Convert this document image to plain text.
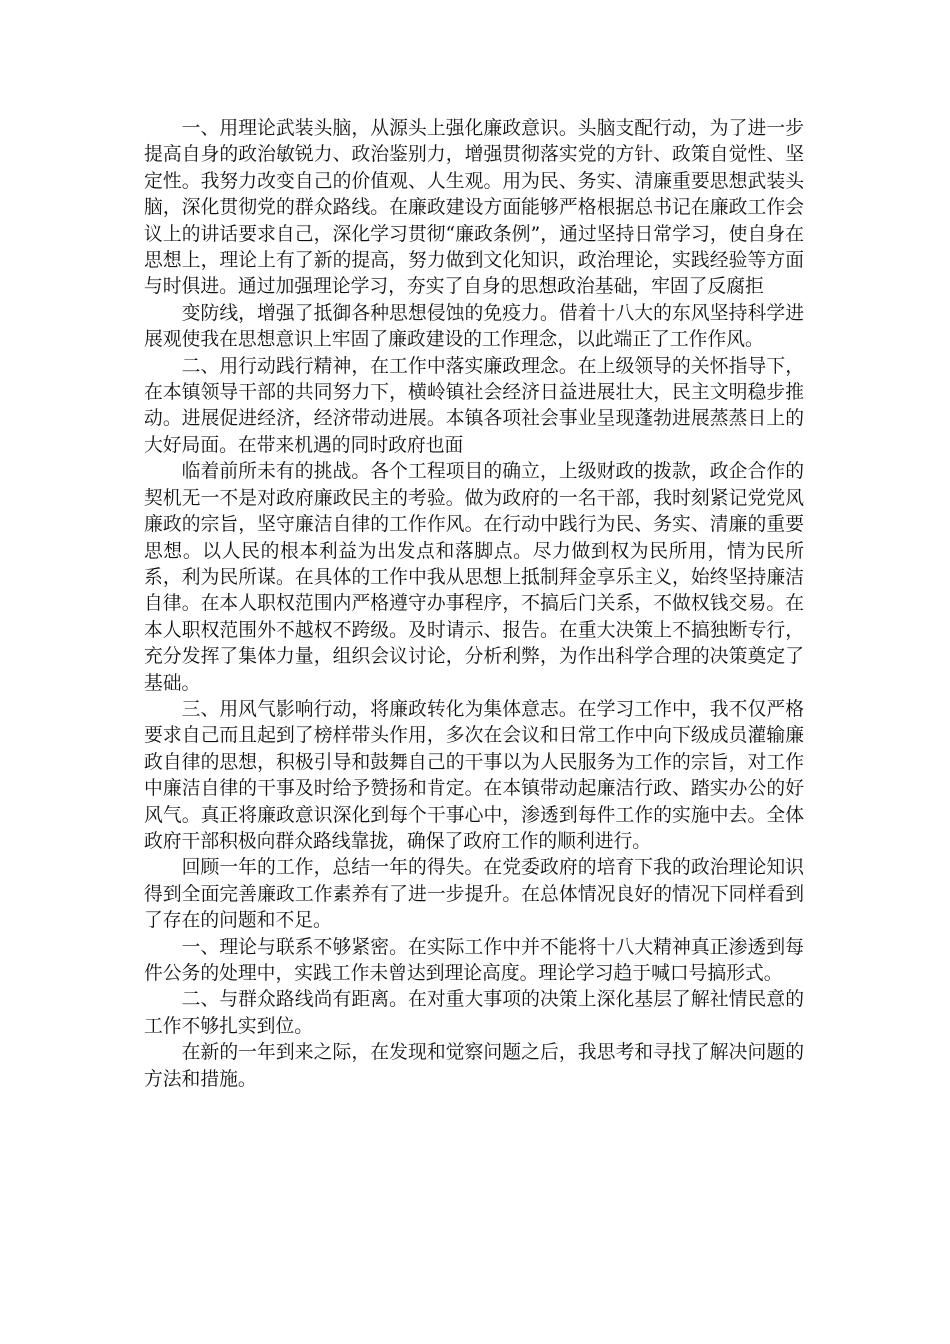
一、用理论武装头脑，从源头上强化廉政意识。头脑支配行动，为了进一步提高自身的政治敏锐力、政治鉴别力，增强贯彻落实党的方针、政策自觉性、坚定性。我努力改变自己的价值观、人生观。用为民、务实、清廉重要思想武装头脑，深化贯彻党的群众路线。在廉政建设方面能够严格根据总书记在廉政工作会议上的讲话要求自己，深化学习贯彻“廉政条例”，通过坚持日常学习，使自身在思想上，理论上有了新的提高，努力做到文化知识，政治理论，实践经验等方面与时俱进。通过加强理论学习，夯实了自身的思想政治基础，牢固了反腐拒

变防线，增强了抵御各种思想侵蚀的免疫力。借着十八大的东风坚持科学进展观使我在思想意识上牢固了廉政建设的工作理念，以此端正了工作作风。

二、用行动践行精神，在工作中落实廉政理念。在上级领导的关怀指导下，在本镇领导干部的共同努力下，横岭镇社会经济日益进展壮大，民主文明稳步推动。进展促进经济，经济带动进展。本镇各项社会事业呈现蓬勃进展蒸蒸日上的大好局面。在带来机遇的同时政府也面

临着前所未有的挑战。各个工程项目的确立，上级财政的拨款，政企合作的契机无一不是对政府廉政民主的考验。做为政府的一名干部，我时刻紧记党党风廉政的宗旨，坚守廉洁自律的工作作风。在行动中践行为民、务实、清廉的重要思想。以人民的根本利益为出发点和落脚点。尽力做到权为民所用，情为民所系，利为民所谋。在具体的工作中我从思想上抵制拜金享乐主义，始终坚持廉洁自律。在本人职权范围内严格遵守办事程序，不搞后门关系，不做权钱交易。在本人职权范围外不越权不跨级。及时请示、报告。在重大决策上不搞独断专行，充分发挥了集体力量，组织会议讨论，分析利弊，为作出科学合理的决策奠定了基础。

三、用风气影响行动，将廉政转化为集体意志。在学习工作中，我不仅严格要求自己而且起到了榜样带头作用，多次在会议和日常工作中向下级成员灌输廉政自律的思想，积极引导和鼓舞自己的干事以为人民服务为工作的宗旨，对工作中廉洁自律的干事及时给予赞扬和肯定。在本镇带动起廉洁行政、踏实办公的好风气。真正将廉政意识深化到每个干事心中，渗透到每件工作的实施中去。全体政府干部积极向群众路线靠拢，确保了政府工作的顺利进行。

回顾一年的工作，总结一年的得失。在党委政府的培育下我的政治理论知识得到全面完善廉政工作素养有了进一步提升。在总体情况良好的情况下同样看到了存在的问题和不足。

一、理论与联系不够紧密。在实际工作中并不能将十八大精神真正渗透到每件公务的处理中，实践工作未曾达到理论高度。理论学习趋于喊口号搞形式。

二、与群众路线尚有距离。在对重大事项的决策上深化基层了解社情民意的工作不够扎实到位。

在新的一年到来之际，在发现和觉察问题之后，我思考和寻找了解决问题的方法和措施。
